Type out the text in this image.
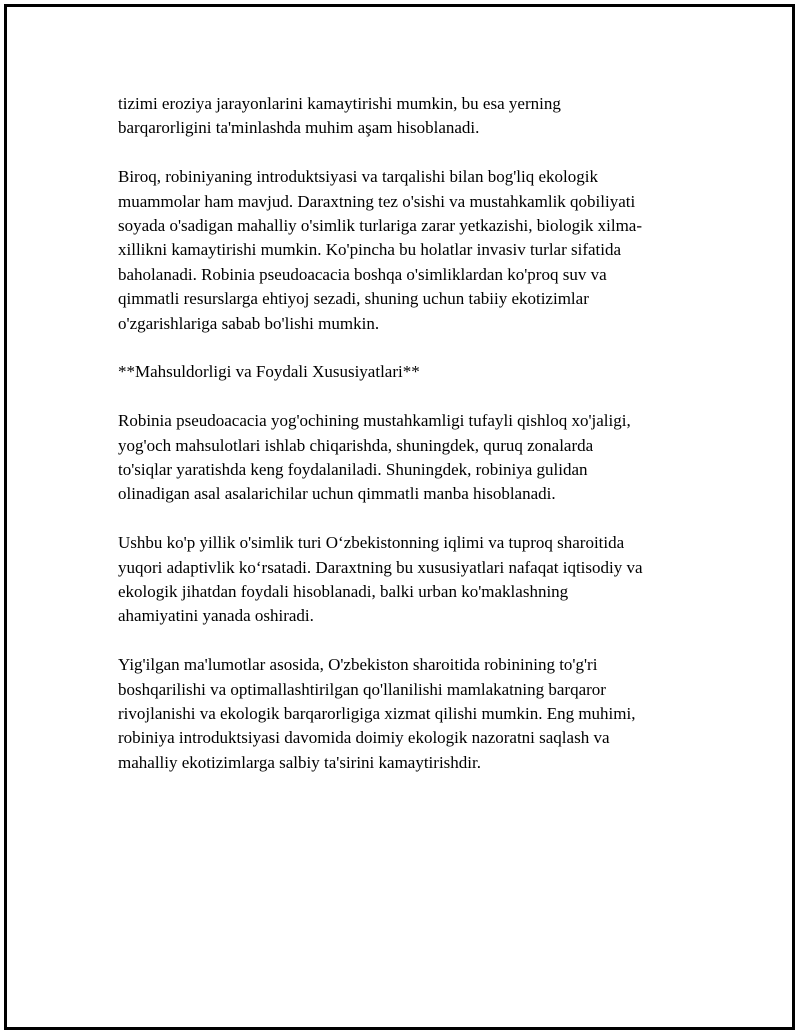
tizimi eroziya jarayonlarini kamaytirishi mumkin, bu esa yerning
barqarorligini ta'minlashda muhim aşam hisoblanadi.

Biroq, robiniyaning introduktsiyasi va tarqalishi bilan bog'liq ekologik
muammolar ham mavjud. Daraxtning tez o'sishi va mustahkamlik qobiliyati
soyada o'sadigan mahalliy o'simlik turlariga zarar yetkazishi, biologik xilma-
xillikni kamaytirishi mumkin. Ko'pincha bu holatlar invasiv turlar sifatida
baholanadi. Robinia pseudoacacia boshqa o'simliklardan ko'proq suv va
qimmatli resurslarga ehtiyoj sezadi, shuning uchun tabiiy ekotizimlar
o'zgarishlariga sabab bo'lishi mumkin.

**Mahsuldorligi va Foydali Xususiyatlari**

Robinia pseudoacacia yog'ochining mustahkamligi tufayli qishloq xo'jaligi,
yog'och mahsulotlari ishlab chiqarishda, shuningdek, quruq zonalarda
to'siqlar yaratishda keng foydalaniladi. Shuningdek, robiniya gulidan
olinadigan asal asalarichilar uchun qimmatli manba hisoblanadi.

Ushbu ko'p yillik o'simlik turi O‘zbekistonning iqlimi va tuproq sharoitida
yuqori adaptivlik ko‘rsatadi. Daraxtning bu xususiyatlari nafaqat iqtisodiy va
ekologik jihatdan foydali hisoblanadi, balki urban ko'maklashning
ahamiyatini yanada oshiradi.

Yig'ilgan ma'lumotlar asosida, O'zbekiston sharoitida robinining to'g'ri
boshqarilishi va optimallashtirilgan qo'llanilishi mamlakatning barqaror
rivojlanishi va ekologik barqarorligiga xizmat qilishi mumkin. Eng muhimi,
robiniya introduktsiyasi davomida doimiy ekologik nazoratni saqlash va
mahalliy ekotizimlarga salbiy ta'sirini kamaytirishdir.
